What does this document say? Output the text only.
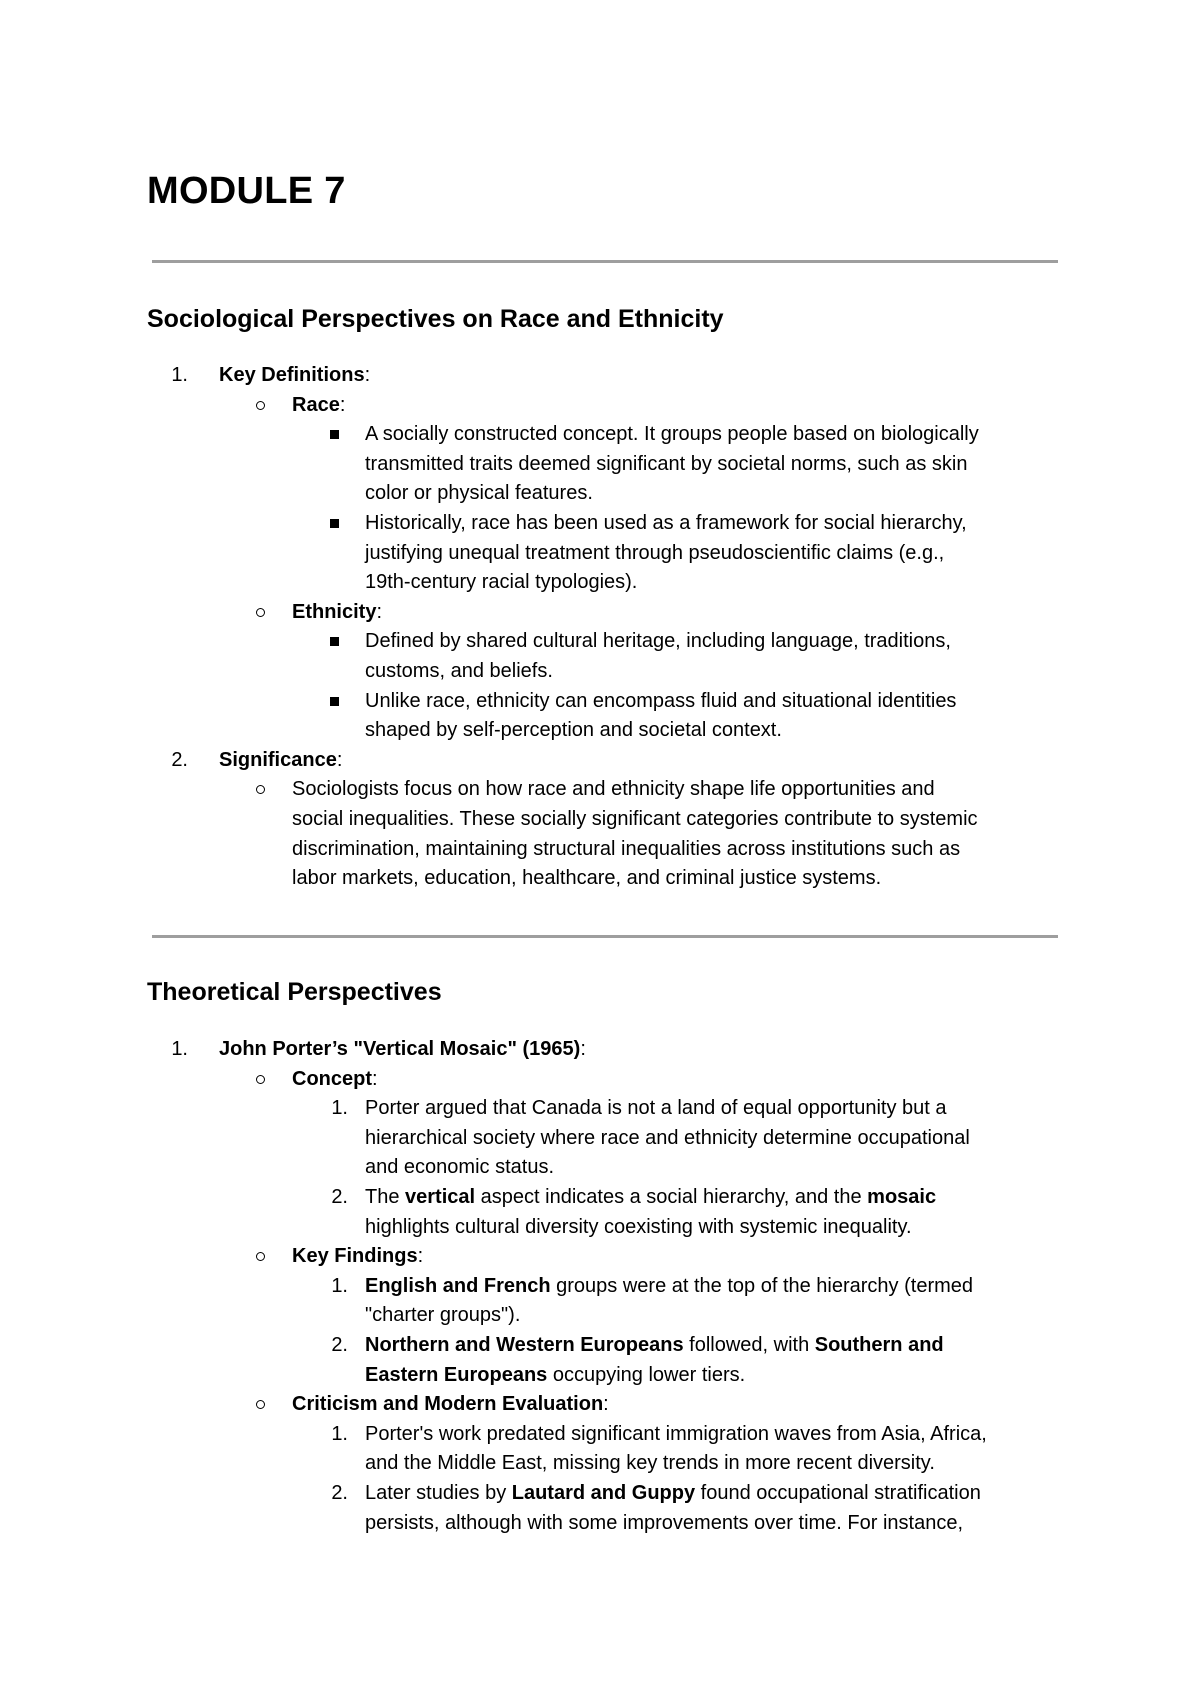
MODULE 7
Sociological Perspectives on Race and Ethnicity
Key Definitions:
1.
Race:
A socially constructed concept. It groups people based on biologically
transmitted traits deemed significant by societal norms, such as skin
color or physical features.
Historically, race has been used as a framework for social hierarchy,
justifying unequal treatment through pseudoscientific claims (e.g.,
19th-century racial typologies).
Ethnicity:
Defined by shared cultural heritage, including language, traditions,
customs, and beliefs.
Unlike race, ethnicity can encompass fluid and situational identities
shaped by self-perception and societal context.
Significance:
2.
Sociologists focus on how race and ethnicity shape life opportunities and
social inequalities. These socially significant categories contribute to systemic
discrimination, maintaining structural inequalities across institutions such as
labor markets, education, healthcare, and criminal justice systems.
Theoretical Perspectives
John Porter’s "Vertical Mosaic" (1965):
1.
Concept:
Porter argued that Canada is not a land of equal opportunity but a
1.
hierarchical society where race and ethnicity determine occupational
and economic status.
The vertical aspect indicates a social hierarchy, and the mosaic
2.
highlights cultural diversity coexisting with systemic inequality.
Key Findings:
English and French groups were at the top of the hierarchy (termed
1.
"charter groups").
Northern and Western Europeans followed, with Southern and
2.
Eastern Europeans occupying lower tiers.
Criticism and Modern Evaluation:
Porter's work predated significant immigration waves from Asia, Africa,
1.
and the Middle East, missing key trends in more recent diversity.
Later studies by Lautard and Guppy found occupational stratification
2.
persists, although with some improvements over time. For instance,
